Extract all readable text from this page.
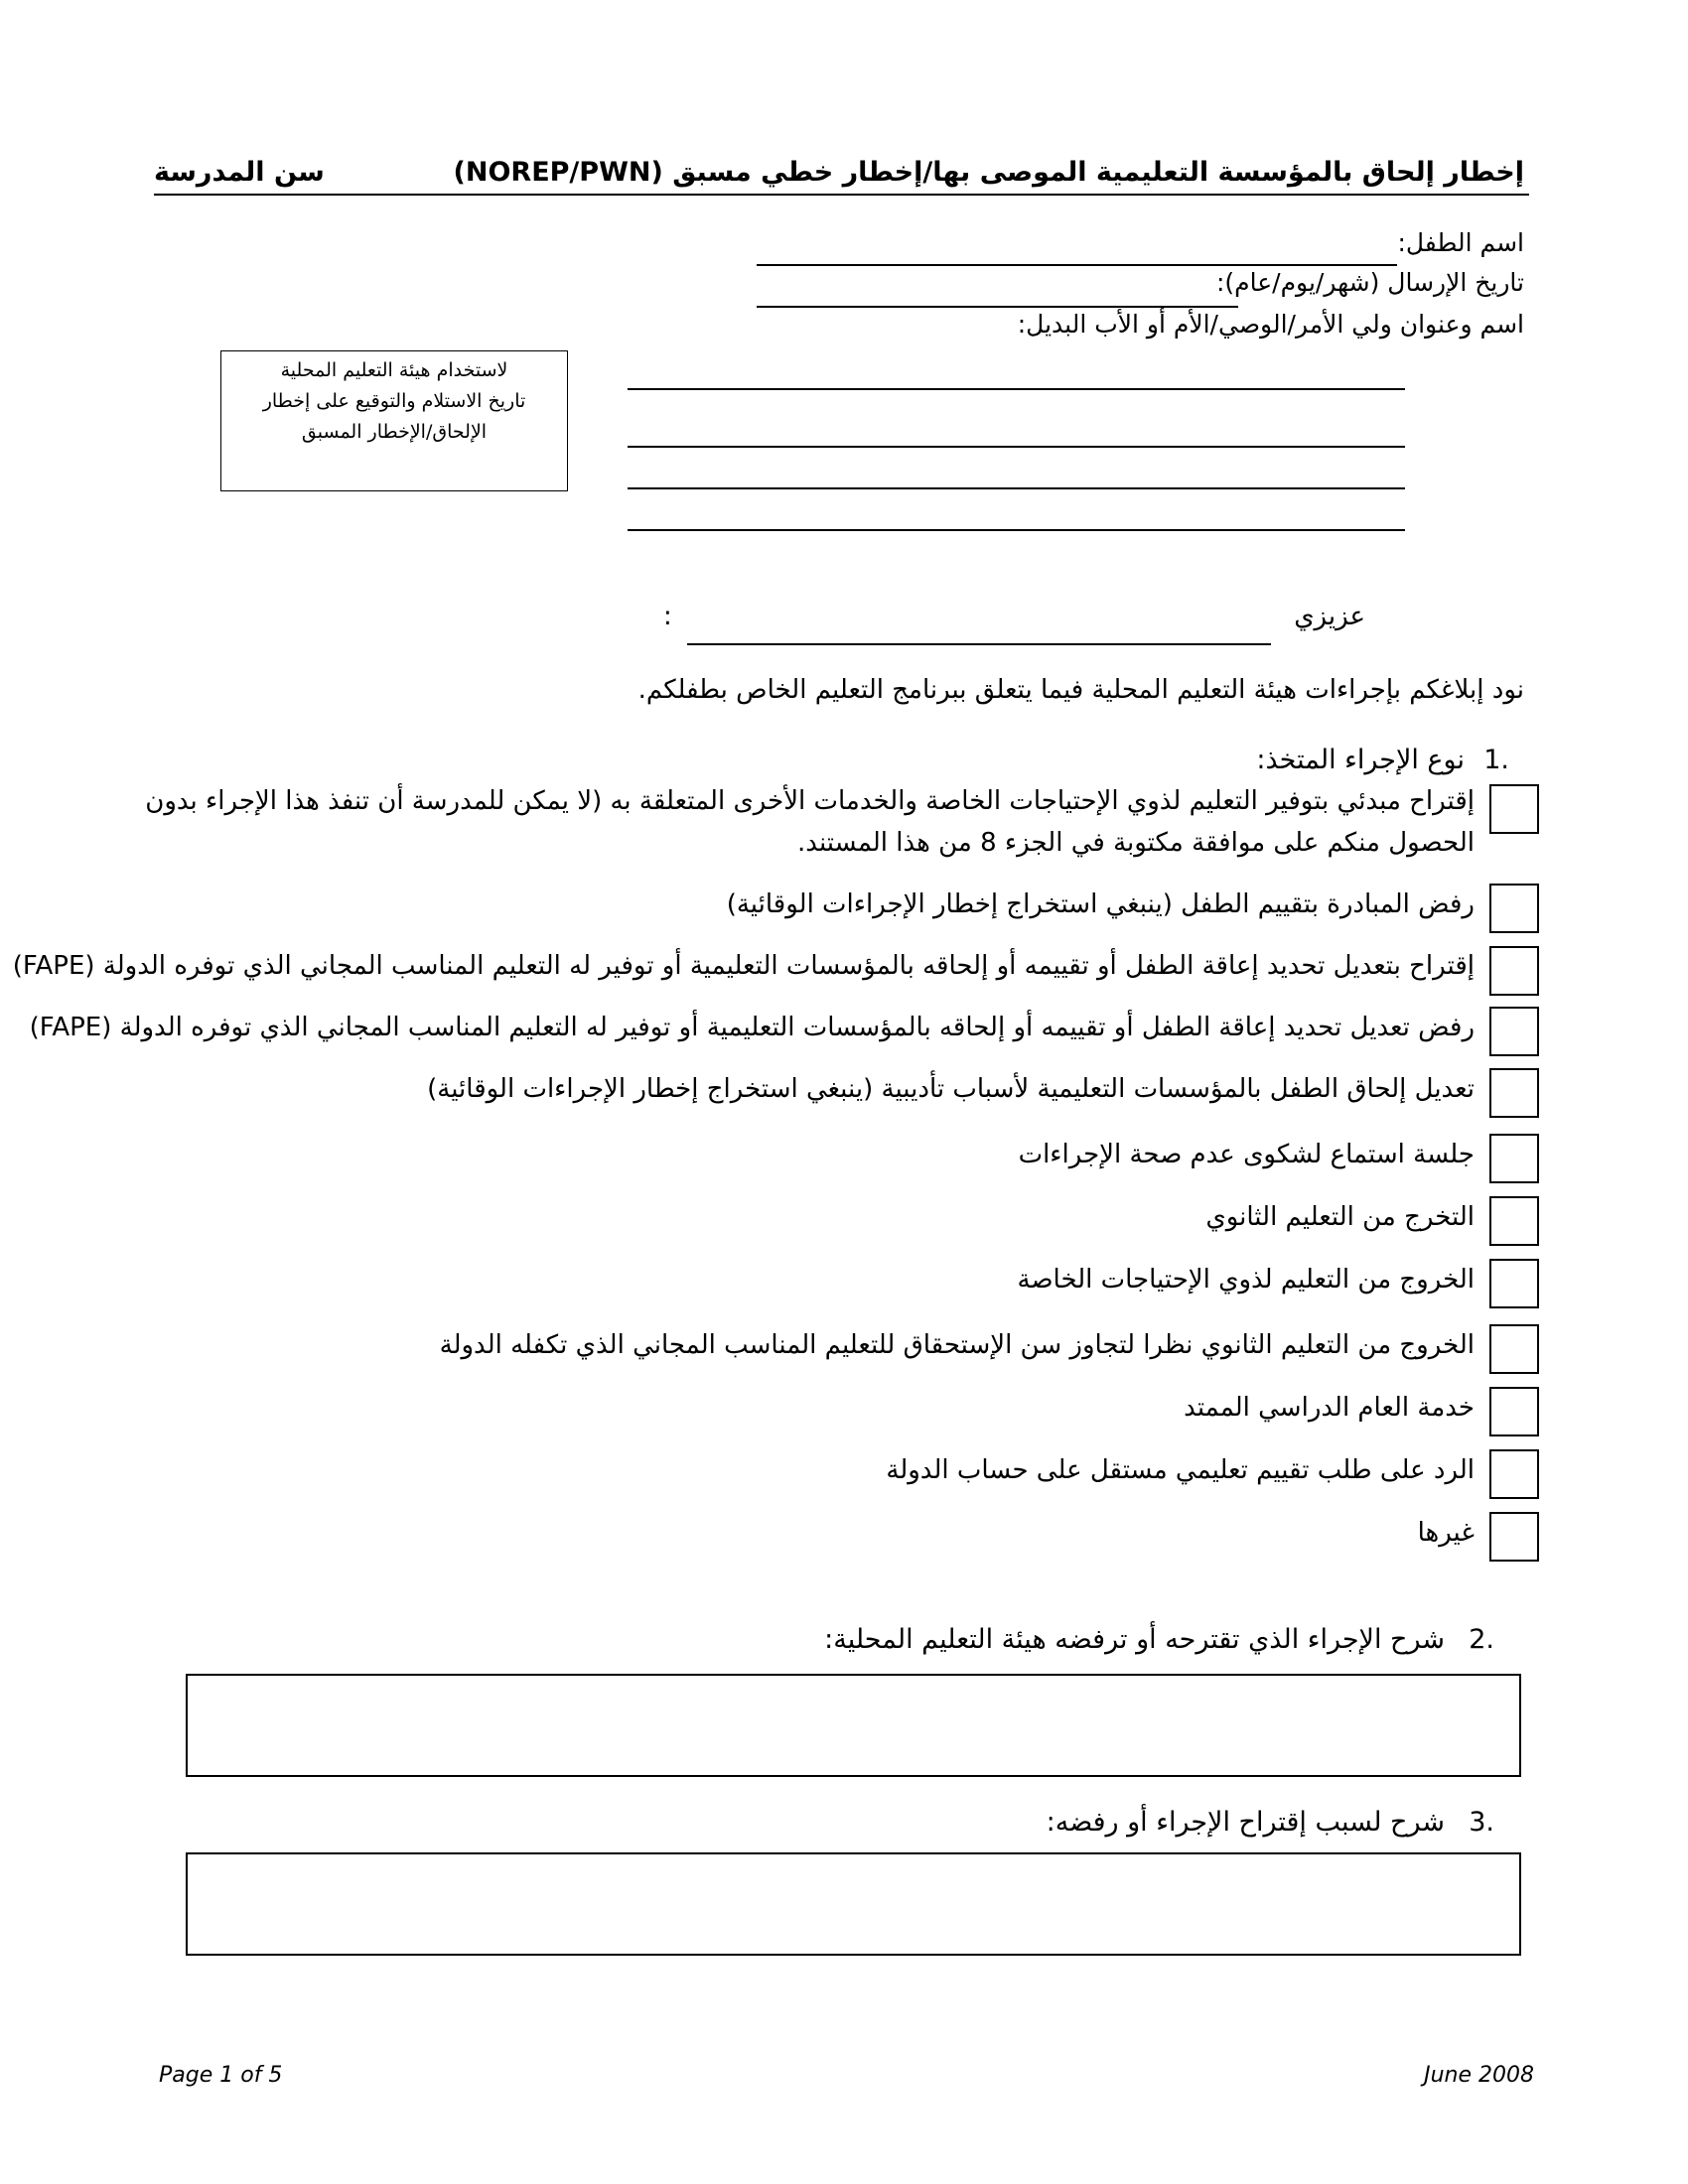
إخطار إلحاق بالمؤسسة التعليمية الموصى بها/إخطار خطي مسبق (NOREP/PWN)
سن المدرسة
اسم الطفل:
تاريخ الإرسال (شهر/يوم/عام):
اسم وعنوان ولي الأمر/الوصي/الأم أو الأب البديل:
لاستخدام هيئة التعليم المحلية
تاريخ الاستلام والتوقيع على إخطار
الإلحاق/الإخطار المسبق
عزيزي
:
نود إبلاغكم بإجراءات هيئة التعليم المحلية فيما يتعلق ببرنامج التعليم الخاص بطفلكم.
نوع الإجراء المتخذ: 1.
إقتراح مبدئي بتوفير التعليم لذوي الإحتياجات الخاصة والخدمات الأخرى المتعلقة به (لا يمكن للمدرسة أن تنفذ هذا الإجراء بدون الحصول منكم على موافقة مكتوبة في الجزء 8 من هذا المستند.
رفض المبادرة بتقييم الطفل (ينبغي استخراج إخطار الإجراءات الوقائية)
إقتراح بتعديل تحديد إعاقة الطفل أو تقييمه أو إلحاقه بالمؤسسات التعليمية أو توفير له التعليم المناسب المجاني الذي توفره الدولة (FAPE)
رفض تعديل تحديد إعاقة الطفل أو تقييمه أو إلحاقه بالمؤسسات التعليمية أو توفير له التعليم المناسب المجاني الذي توفره الدولة (FAPE)
تعديل إلحاق الطفل بالمؤسسات التعليمية لأسباب تأديبية (ينبغي استخراج إخطار الإجراءات الوقائية)
جلسة استماع لشكوى عدم صحة الإجراءات
التخرج من التعليم الثانوي
الخروج من التعليم لذوي الإحتياجات الخاصة
الخروج من التعليم الثانوي نظرا لتجاوز سن الإستحقاق للتعليم المناسب المجاني الذي تكفله الدولة
خدمة العام الدراسي الممتد
الرد على طلب تقييم تعليمي مستقل على حساب الدولة
غيرها
شرح الإجراء الذي تقترحه أو ترفضه هيئة التعليم المحلية: 2.
شرح لسبب إقتراح الإجراء أو رفضه: 3.
Page 1 of 5	June 2008
